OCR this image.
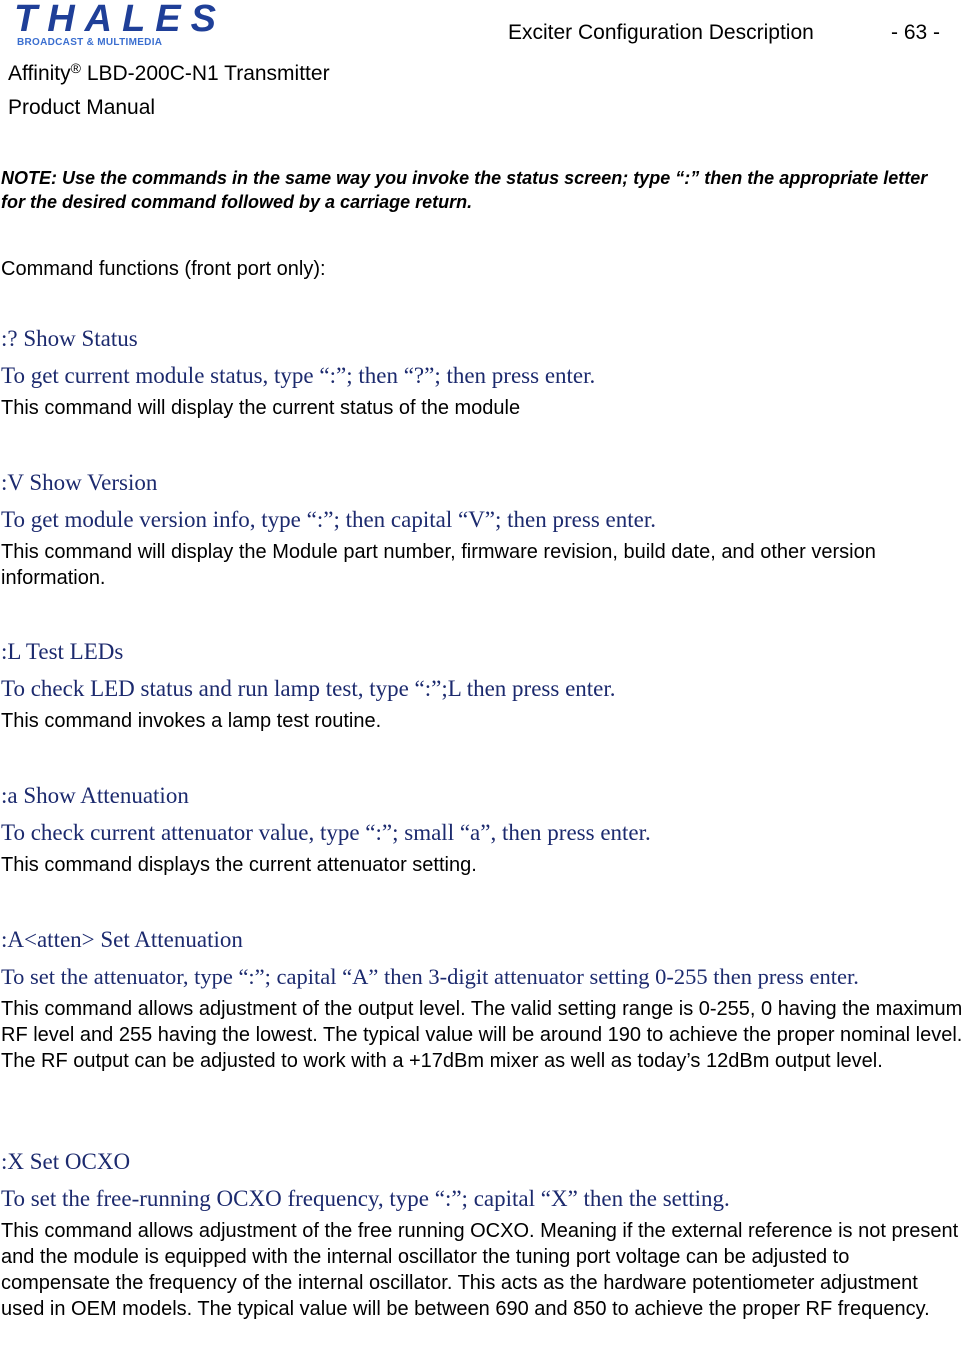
THALES
BROADCAST & MULTIMEDIA	Exciter Configuration Description	- 63 -
Affinity® LBD-200C-N1 Transmitter
Product Manual
NOTE: Use the commands in the same way you invoke the status screen; type “:” then the appropriate letter for the desired command followed by a carriage return.
Command functions (front port only):
:? Show Status
To get current module status, type “:”; then “?”; then press enter.
This command will display the current status of the module
:V Show Version
To get module version info, type “:”; then capital “V”; then press enter.
This command will display the Module part number, firmware revision, build date, and other version information.
:L Test LEDs
To check LED status and run lamp test, type “:”;L then press enter.
This command invokes a lamp test routine.
:a Show Attenuation
To check current attenuator value, type “:”; small “a”, then press enter.
This command displays the current attenuator setting.
:A<atten> Set Attenuation
To set the attenuator, type “:”; capital “A” then 3-digit attenuator setting 0-255 then press enter.
This command allows adjustment of the output level. The valid setting range is 0-255, 0 having the maximum RF level and 255 having the lowest. The typical value will be around 190 to achieve the proper nominal level. The RF output can be adjusted to work with a +17dBm mixer as well as today’s 12dBm output level.
:X Set OCXO
To set the free-running OCXO frequency, type “:”; capital “X” then the setting.
This command allows adjustment of the free running OCXO. Meaning if the external reference is not present and the module is equipped with the internal oscillator the tuning port voltage can be adjusted to compensate the frequency of the internal oscillator. This acts as the hardware potentiometer adjustment used in OEM models. The typical value will be between 690 and 850 to achieve the proper RF frequency.
